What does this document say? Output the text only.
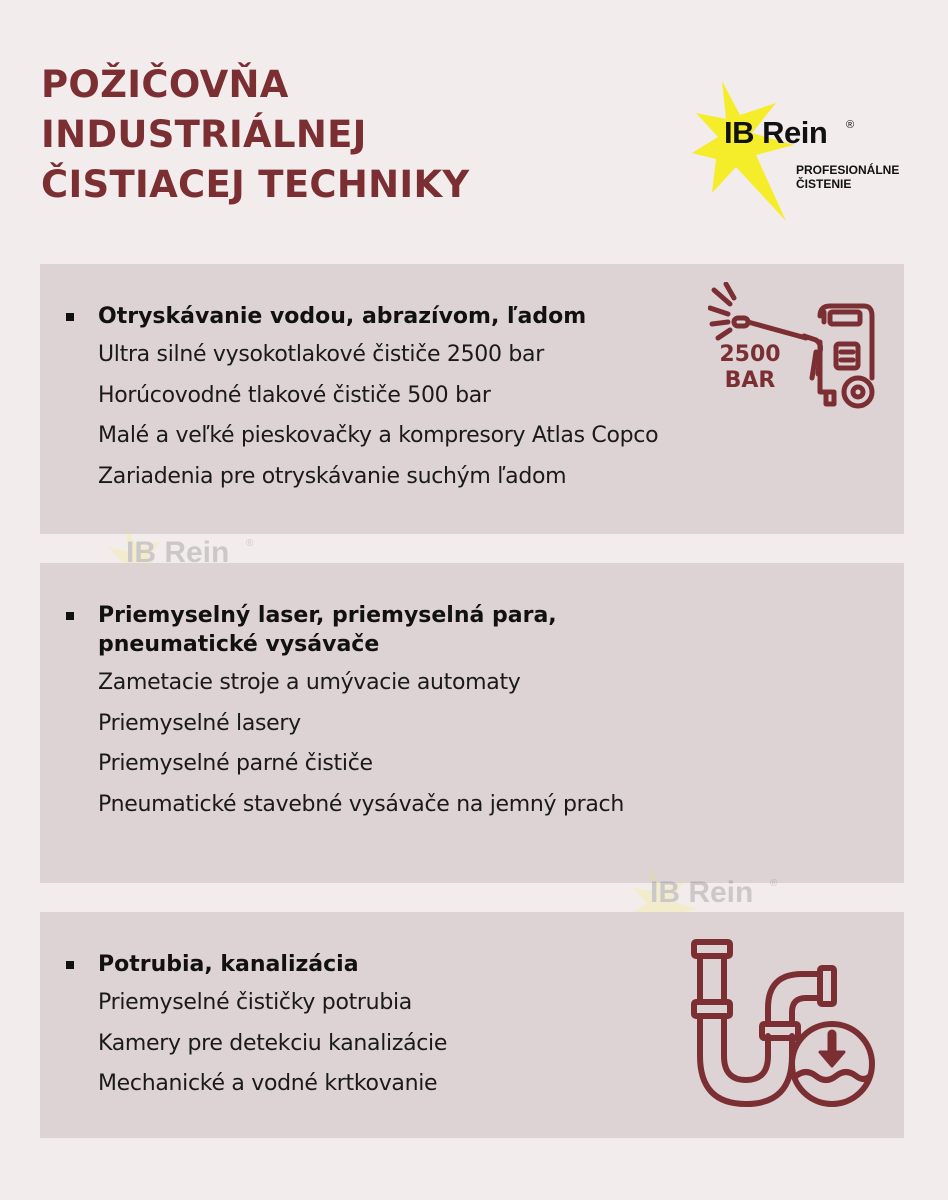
POŽIČOVŇA
INDUSTRIÁLNEJ
ČISTIACEJ TECHNIKY
IB Rein ®
PROFESIONÁLNE
ČISTENIE
Otryskávanie vodou, abrazívom, ľadom
Ultra silné vysokotlakové čističe 2500 bar
Horúcovodné tlakové čističe 500 bar
Malé a veľké pieskovačky a kompresory Atlas Copco
Zariadenia pre otryskávanie suchým ľadom
2500
BAR
IB Rein ®
Priemyselný laser, priemyselná para,
pneumatické vysávače
Zametacie stroje a umývacie automaty
Priemyselné lasery
Priemyselné parné čističe
Pneumatické stavebné vysávače na jemný prach
IB Rein ®
Potrubia, kanalizácia
Priemyselné čističky potrubia
Kamery pre detekciu kanalizácie
Mechanické a vodné krtkovanie
